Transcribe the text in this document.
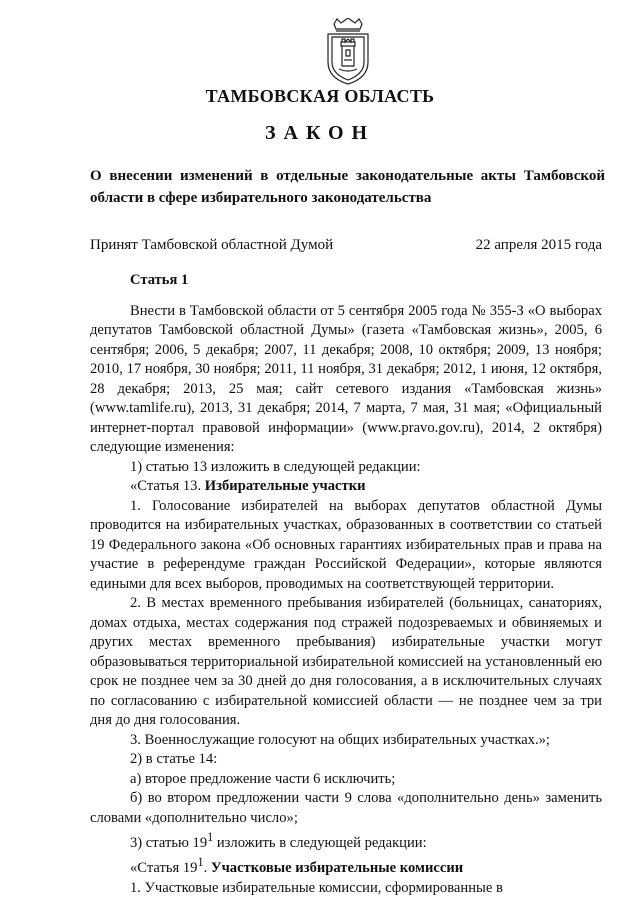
ТАМБОВСКАЯ ОБЛАСТЬ
ЗАКОН
О внесении изменений в отдельные законодательные акты Тамбовской области в сфере избирательного законодательства
Принят Тамбовской областной Думой	22 апреля 2015 года

Статья 1

Внести в Тамбовской области от 5 сентября 2005 года № 355-З «О выборах депутатов Тамбовской областной Думы» (газета «Тамбовская жизнь», 2005, 6 сентября; 2006, 5 декабря; 2007, 11 декабря; 2008, 10 октября; 2009, 13 ноября; 2010, 17 ноября, 30 ноября; 2011, 11 ноября, 31 декабря; 2012, 1 июня, 12 октября, 28 декабря; 2013, 25 мая; сайт сетевого издания «Тамбовская жизнь» (www.tamlife.ru), 2013, 31 декабря; 2014, 7 марта, 7 мая, 31 мая; «Официальный интернет-портал правовой информации» (www.pravo.gov.ru), 2014, 2 октября) следующие изменения:

1) статью 13 изложить в следующей редакции:

«Статья 13. Избирательные участки

1. Голосование избирателей на выборах депутатов областной Думы проводится на избирательных участках, образованных в соответствии со статьей 19 Федерального закона «Об основных гарантиях избирательных прав и права на участие в референдуме граждан Российской Федерации», которые являются едиными для всех выборов, проводимых на соответствующей территории.

2. В местах временного пребывания избирателей (больницах, санаториях, домах отдыха, местах содержания под стражей подозреваемых и обвиняемых и других местах временного пребывания) избирательные участки могут образовываться территориальной избирательной комиссией на установленный ею срок не позднее чем за 30 дней до дня голосования, а в исключительных случаях по согласованию с избирательной комиссией области — не позднее чем за три дня до дня голосования.

3. Военнослужащие голосуют на общих избирательных участках.»;

2) в статье 14:

а) второе предложение части 6 исключить;

б) во втором предложении части 9 слова «дополнительно день» заменить словами «дополнительно число»;

3) статью $19^1$ изложить в следующей редакции:

«Статья $19^1$. Участковые избирательные комиссии

1. Участковые избирательные комиссии, сформированные в
